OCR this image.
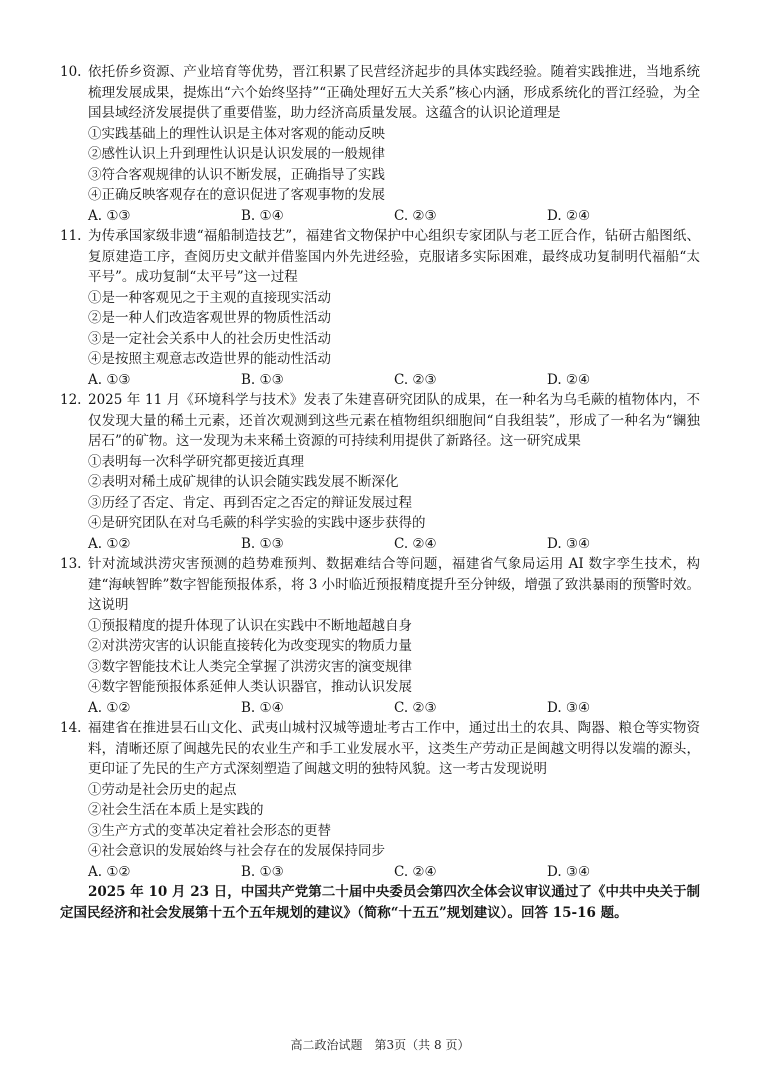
10. 依托侨乡资源、产业培育等优势，晋江积累了民营经济起步的具体实践经验。随着实践推进，当地系统梳理发展成果，提炼出“六个始终坚持”“正确处理好五大关系”核心内涵，形成系统化的晋江经验，为全国县域经济发展提供了重要借鉴，助力经济高质量发展。这蕴含的认识论道理是
①实践基础上的理性认识是主体对客观的能动反映
②感性认识上升到理性认识是认识发展的一般规律
③符合客观规律的认识不断发展，正确指导了实践
④正确反映客观存在的意识促进了客观事物的发展
A. ①③	B. ①④	C. ②③	D. ②④
11. 为传承国家级非遗“福船制造技艺”，福建省文物保护中心组织专家团队与老工匠合作，钻研古船图纸、复原建造工序，查阅历史文献并借鉴国内外先进经验，克服诸多实际困难，最终成功复制明代福船“太平号”。成功复制“太平号”这一过程
①是一种客观见之于主观的直接现实活动
②是一种人们改造客观世界的物质性活动
③是一定社会关系中人的社会历史性活动
④是按照主观意志改造世界的能动性活动
A. ①③	B. ①③	C. ②③	D. ②④
12. 2025 年 11 月《环境科学与技术》发表了朱建喜研究团队的成果，在一种名为乌毛蕨的植物体内，不仅发现大量的稀土元素，还首次观测到这些元素在植物组织细胞间“自我组装”，形成了一种名为“镧独居石”的矿物。这一发现为未来稀土资源的可持续利用提供了新路径。这一研究成果
①表明每一次科学研究都更接近真理
②表明对稀土成矿规律的认识会随实践发展不断深化
③历经了否定、肯定、再到否定之否定的辩证发展过程
④是研究团队在对乌毛蕨的科学实验的实践中逐步获得的
A. ①②	B. ①③	C. ②④	D. ③④
13. 针对流域洪涝灾害预测的趋势难预判、数据难结合等问题，福建省气象局运用 AI 数字孪生技术，构建“海峡智眸”数字智能预报体系，将 3 小时临近预报精度提升至分钟级，增强了致洪暴雨的预警时效。这说明
①预报精度的提升体现了认识在实践中不断地超越自身
②对洪涝灾害的认识能直接转化为改变现实的物质力量
③数字智能技术让人类完全掌握了洪涝灾害的演变规律
④数字智能预报体系延伸人类认识器官，推动认识发展
A. ①②	B. ①④	C. ②③	D. ③④
14. 福建省在推进昙石山文化、武夷山城村汉城等遗址考古工作中，通过出土的农具、陶器、粮仓等实物资料，清晰还原了闽越先民的农业生产和手工业发展水平，这类生产劳动正是闽越文明得以发端的源头，更印证了先民的生产方式深刻塑造了闽越文明的独特风貌。这一考古发现说明
①劳动是社会历史的起点
②社会生活在本质上是实践的
③生产方式的变革决定着社会形态的更替
④社会意识的发展始终与社会存在的发展保持同步
A. ①②	B. ①③	C. ②④	D. ③④
2025 年 10 月 23 日，中国共产党第二十届中央委员会第四次全体会议审议通过了《中共中央关于制定国民经济和社会发展第十五个五年规划的建议》（简称“十五五”规划建议）。回答 15-16 题。
高二政治试题　第3页（共 8 页）
